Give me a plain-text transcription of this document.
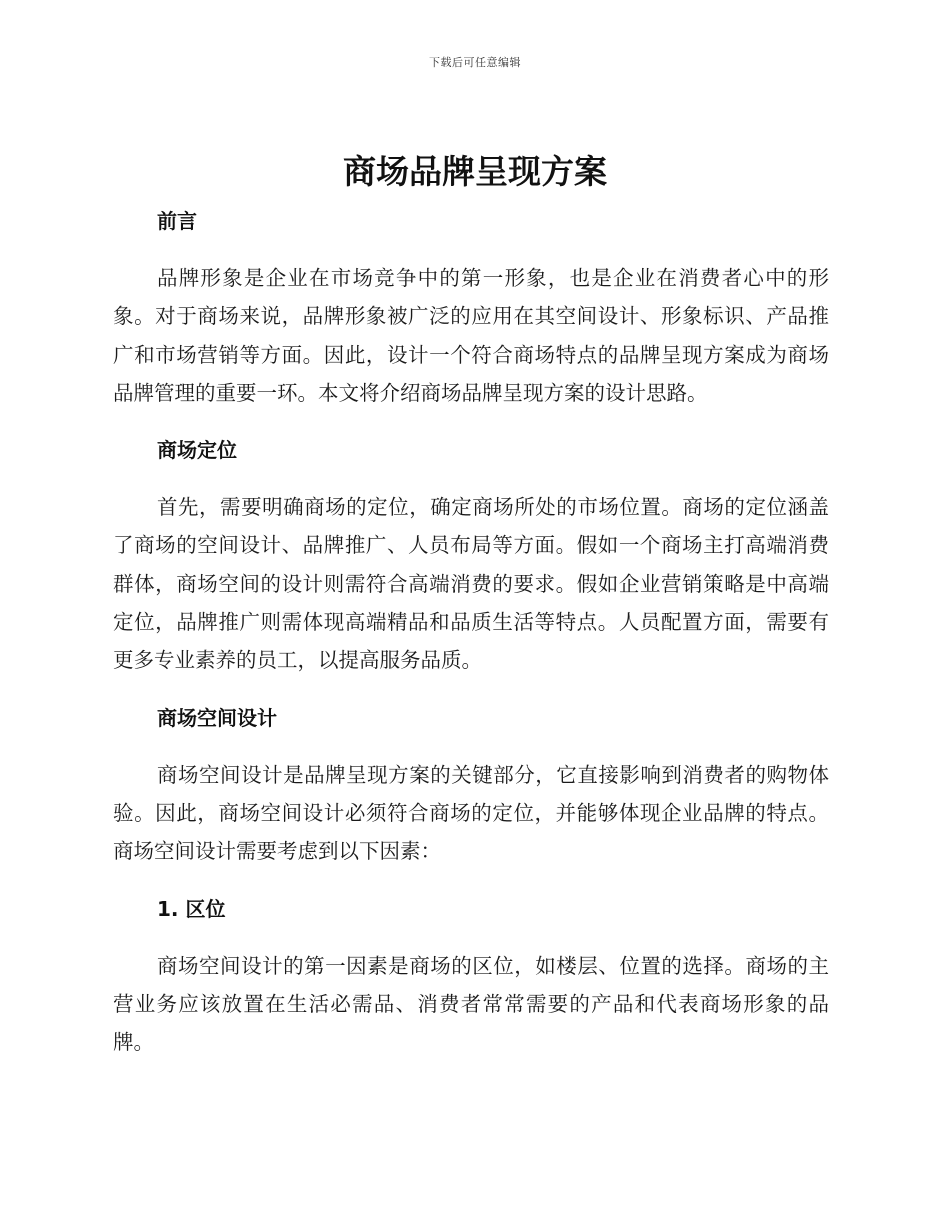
下载后可任意编辑
商场品牌呈现方案
前言

品牌形象是企业在市场竞争中的第一形象，也是企业在消费者心中的形象。对于商场来说，品牌形象被广泛的应用在其空间设计、形象标识、产品推广和市场营销等方面。因此，设计一个符合商场特点的品牌呈现方案成为商场品牌管理的重要一环。本文将介绍商场品牌呈现方案的设计思路。

商场定位

首先，需要明确商场的定位，确定商场所处的市场位置。商场的定位涵盖了商场的空间设计、品牌推广、人员布局等方面。假如一个商场主打高端消费群体，商场空间的设计则需符合高端消费的要求。假如企业营销策略是中高端定位，品牌推广则需体现高端精品和品质生活等特点。人员配置方面，需要有更多专业素养的员工，以提高服务品质。

商场空间设计

商场空间设计是品牌呈现方案的关键部分，它直接影响到消费者的购物体验。因此，商场空间设计必须符合商场的定位，并能够体现企业品牌的特点。商场空间设计需要考虑到以下因素：

1. 区位

商场空间设计的第一因素是商场的区位，如楼层、位置的选择。商场的主营业务应该放置在生活必需品、消费者常常需要的产品和代表商场形象的品牌。
